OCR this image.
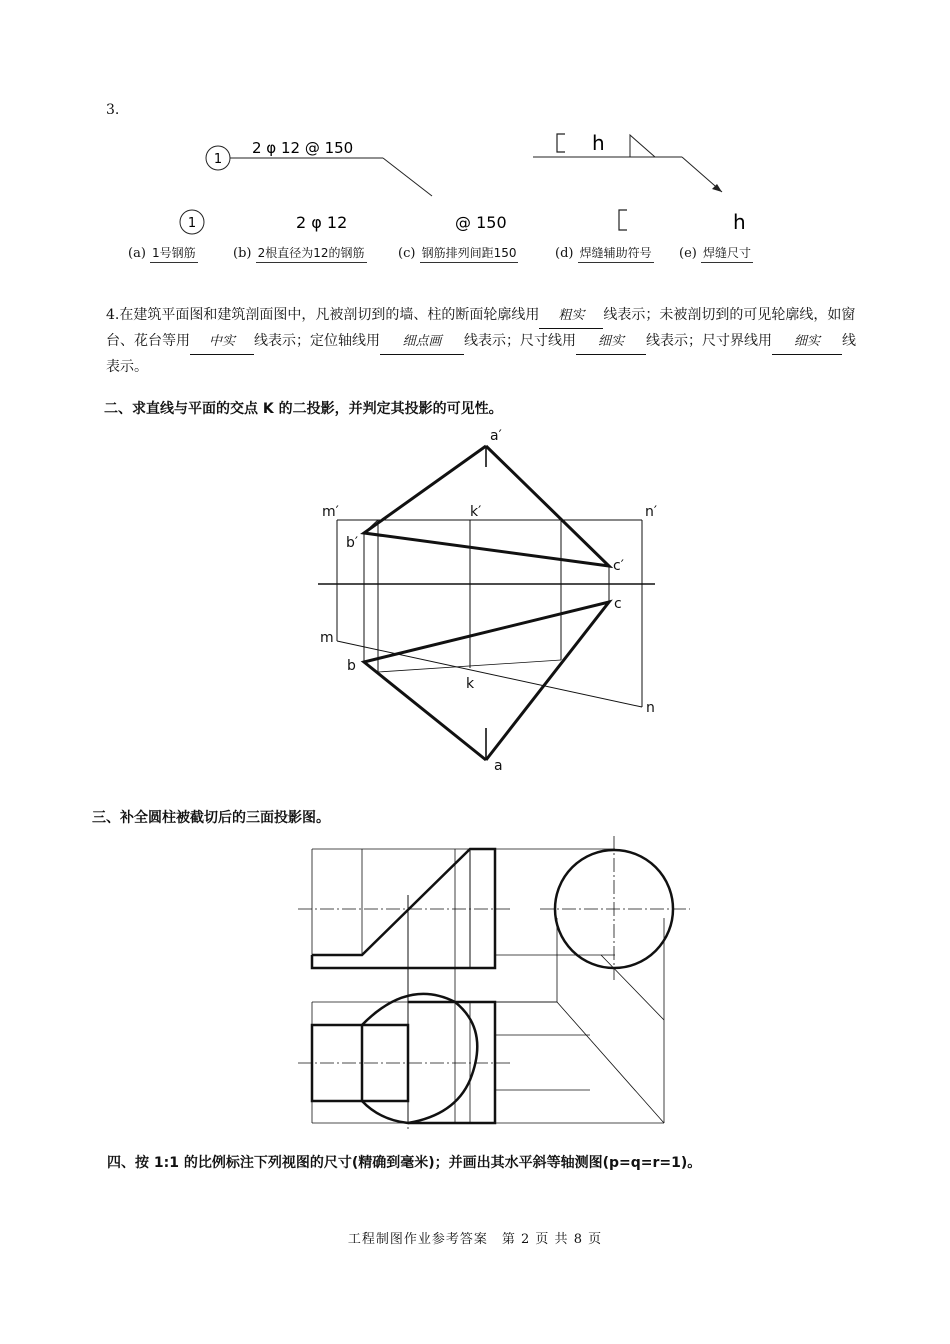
3.
1
2 φ 12 @ 150	h
1	2 φ 12	@ 150	h
a′
m′	k′	n′
b′
c′
c
m
b
k
n
a
(a) 1号钢筋	(b) 2根直径为12的钢筋	(c) 钢筋排列间距150	(d) 焊缝辅助符号 (e) 焊缝尺寸
4.在建筑平面图和建筑剖面图中，凡被剖切到的墙、柱的断面轮廓线用 粗实 线表示；未被剖切到的可见轮廓线，如窗台、花台等用 中实 线表示；定位轴线用 细点画 线表示；尺寸线用 细实 线表示；尺寸界线用 细实 线表示。
二、求直线与平面的交点 K 的二投影，并判定其投影的可见性。
三、补全圆柱被截切后的三面投影图。
四、按 1:1 的比例标注下列视图的尺寸(精确到毫米)；并画出其水平斜等轴测图(p=q=r=1)。
工程制图作业参考答案　第 2 页 共 8 页
